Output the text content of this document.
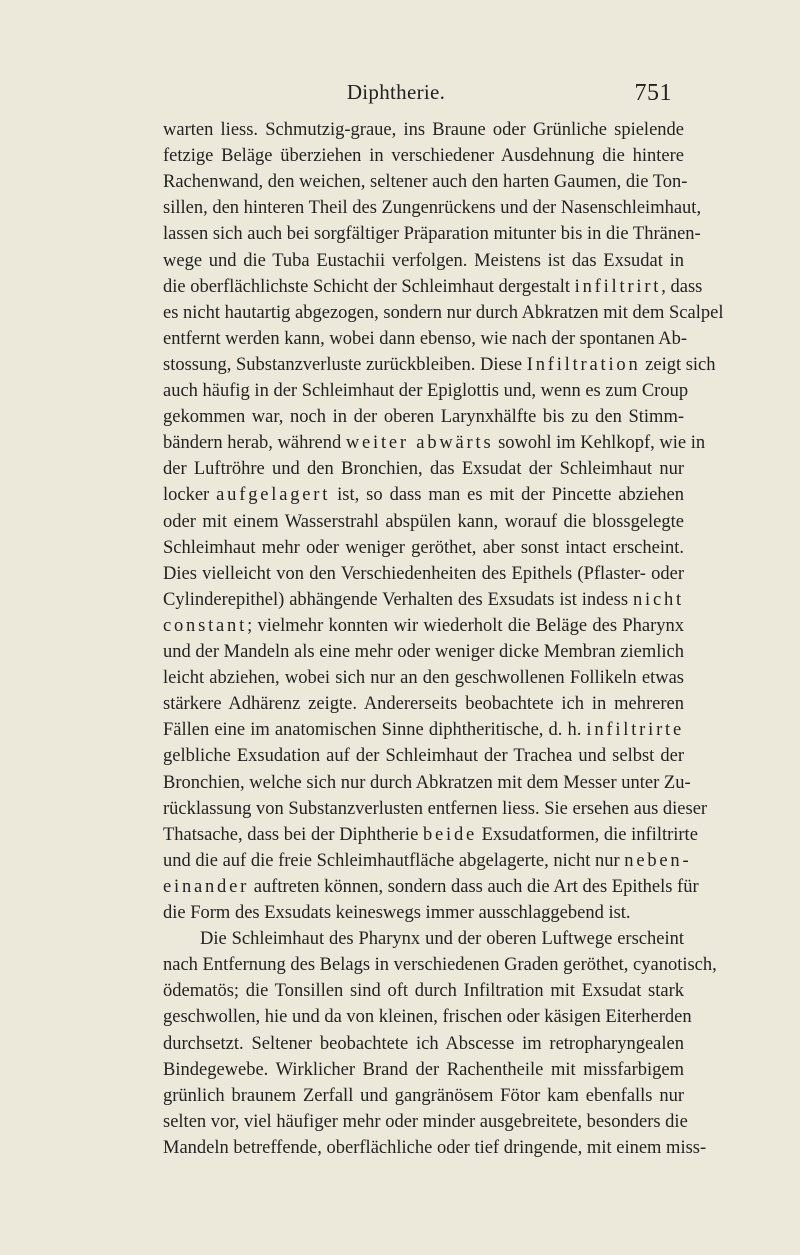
Diphtherie.	751
warten liess. Schmutzig-graue, ins Braune oder Grünliche spielende
fetzige Beläge überziehen in verschiedener Ausdehnung die hintere
Rachenwand, den weichen, seltener auch den harten Gaumen, die Ton-
sillen, den hinteren Theil des Zungenrückens und der Nasenschleimhaut,
lassen sich auch bei sorgfältiger Präparation mitunter bis in die Thränen-
wege und die Tuba Eustachii verfolgen. Meistens ist das Exsudat in
die oberflächlichste Schicht der Schleimhaut dergestalt infiltrirt, dass
es nicht hautartig abgezogen, sondern nur durch Abkratzen mit dem Scalpel
entfernt werden kann, wobei dann ebenso, wie nach der spontanen Ab-
stossung, Substanzverluste zurückbleiben. Diese Infiltration zeigt sich
auch häufig in der Schleimhaut der Epiglottis und, wenn es zum Croup
gekommen war, noch in der oberen Larynxhälfte bis zu den Stimm-
bändern herab, während weiter abwärts sowohl im Kehlkopf, wie in
der Luftröhre und den Bronchien, das Exsudat der Schleimhaut nur
locker aufgelagert ist, so dass man es mit der Pincette abziehen
oder mit einem Wasserstrahl abspülen kann, worauf die blossgelegte
Schleimhaut mehr oder weniger geröthet, aber sonst intact erscheint.
Dies vielleicht von den Verschiedenheiten des Epithels (Pflaster- oder
Cylinderepithel) abhängende Verhalten des Exsudats ist indess nicht
constant; vielmehr konnten wir wiederholt die Beläge des Pharynx
und der Mandeln als eine mehr oder weniger dicke Membran ziemlich
leicht abziehen, wobei sich nur an den geschwollenen Follikeln etwas
stärkere Adhärenz zeigte. Andererseits beobachtete ich in mehreren
Fällen eine im anatomischen Sinne diphtheritische, d. h. infiltrirte
gelbliche Exsudation auf der Schleimhaut der Trachea und selbst der
Bronchien, welche sich nur durch Abkratzen mit dem Messer unter Zu-
rücklassung von Substanzverlusten entfernen liess. Sie ersehen aus dieser
Thatsache, dass bei der Diphtherie beide Exsudatformen, die infiltrirte
und die auf die freie Schleimhautfläche abgelagerte, nicht nur neben-
einander auftreten können, sondern dass auch die Art des Epithels für
die Form des Exsudats keineswegs immer ausschlaggebend ist.
Die Schleimhaut des Pharynx und der oberen Luftwege erscheint
nach Entfernung des Belags in verschiedenen Graden geröthet, cyanotisch,
ödematös; die Tonsillen sind oft durch Infiltration mit Exsudat stark
geschwollen, hie und da von kleinen, frischen oder käsigen Eiterherden
durchsetzt. Seltener beobachtete ich Abscesse im retropharyngealen
Bindegewebe. Wirklicher Brand der Rachentheile mit missfarbigem
grünlich braunem Zerfall und gangränösem Fötor kam ebenfalls nur
selten vor, viel häufiger mehr oder minder ausgebreitete, besonders die
Mandeln betreffende, oberflächliche oder tief dringende, mit einem miss-
